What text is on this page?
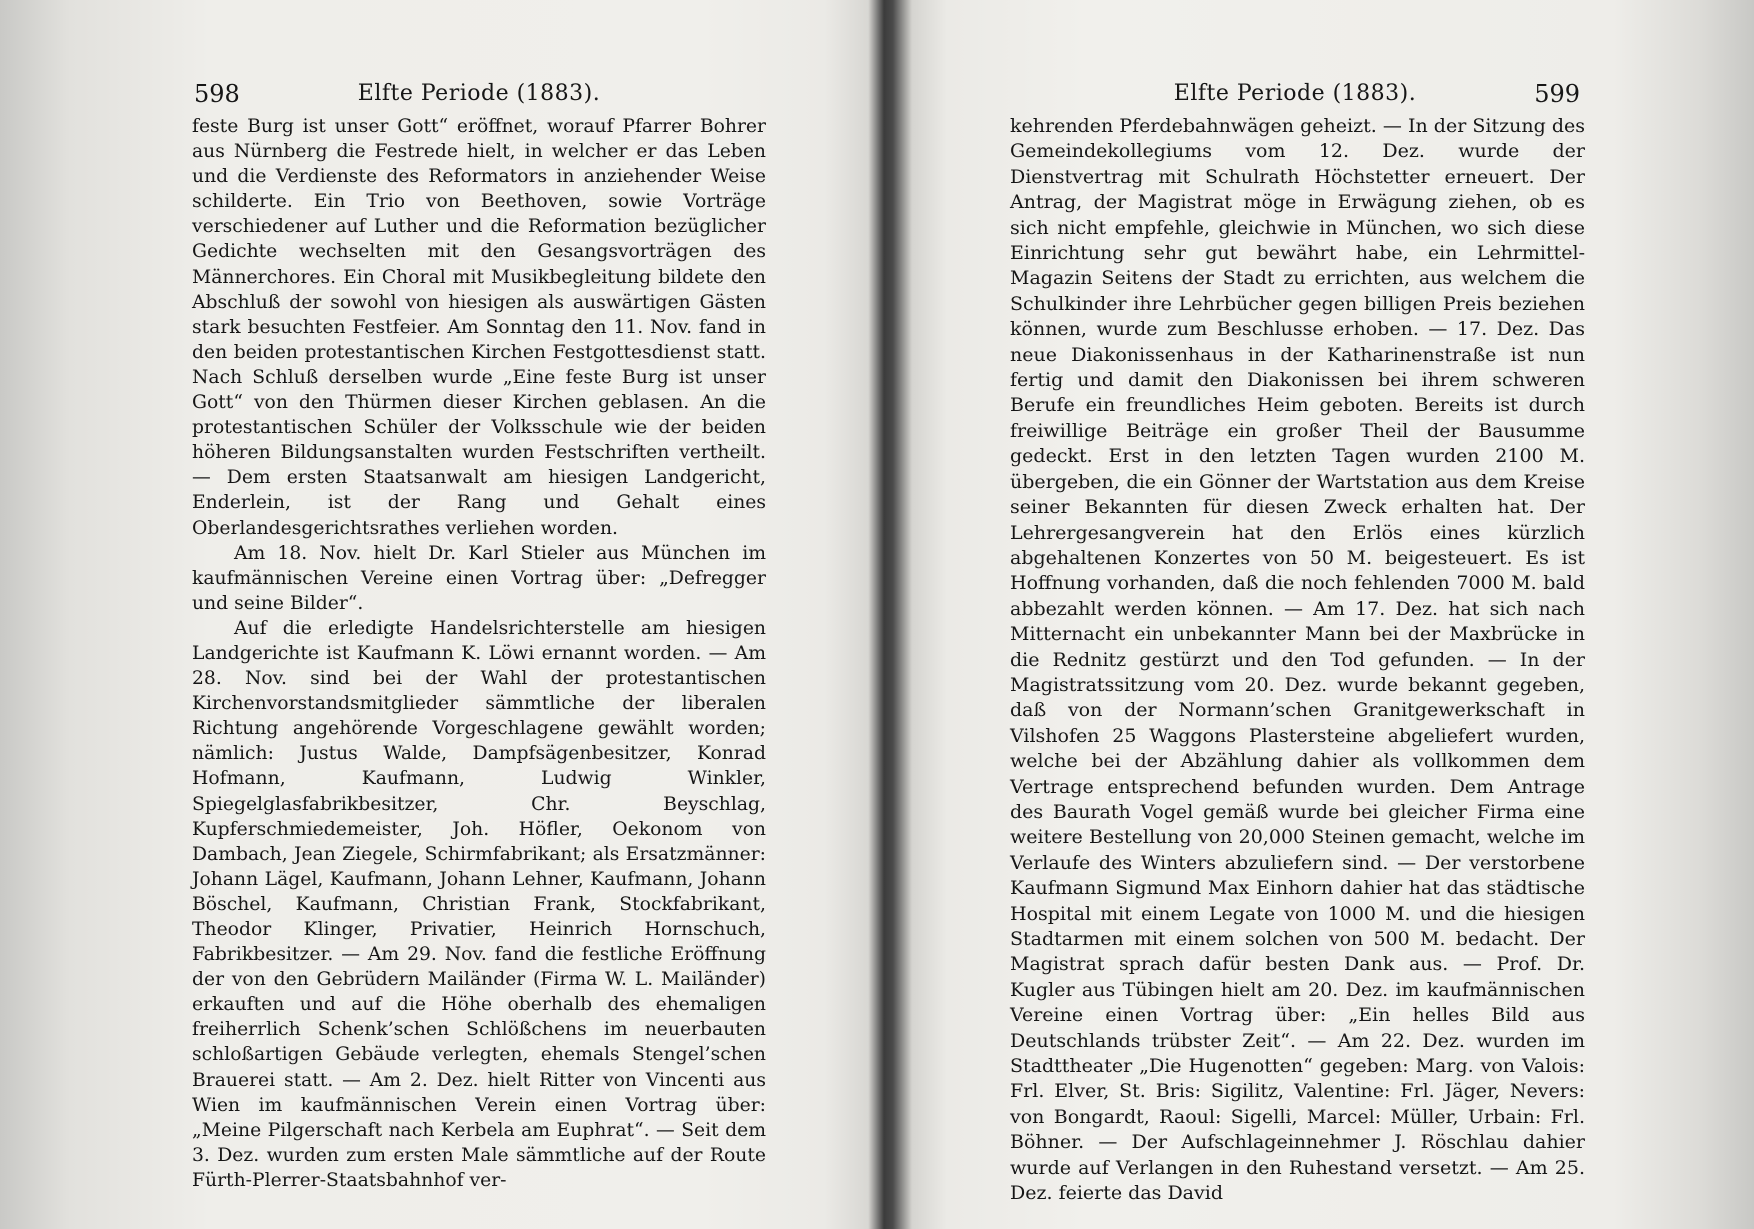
598	Elfte Periode (1883).

feste Burg ist unser Gott“ eröffnet, worauf Pfarrer Bohrer aus Nürnberg die Festrede hielt, in welcher er das Leben und die Verdienste des Reformators in anziehender Weise schilderte. Ein Trio von Beethoven, sowie Vorträge verschiedener auf Luther und die Reformation bezüglicher Gedichte wechselten mit den Gesangsvorträgen des Männerchores. Ein Choral mit Musikbegleitung bildete den Abschluß der sowohl von hiesigen als auswärtigen Gästen stark besuchten Festfeier. Am Sonntag den 11. Nov. fand in den beiden protestantischen Kirchen Festgottesdienst statt. Nach Schluß derselben wurde „Eine feste Burg ist unser Gott“ von den Thürmen dieser Kirchen geblasen. An die protestantischen Schüler der Volksschule wie der beiden höheren Bildungsanstalten wurden Festschriften vertheilt. — Dem ersten Staatsanwalt am hiesigen Landgericht, Enderlein, ist der Rang und Gehalt eines Oberlandesgerichtsrathes verliehen worden.

Am 18. Nov. hielt Dr. Karl Stieler aus München im kaufmännischen Vereine einen Vortrag über: „Defregger und seine Bilder“.

Auf die erledigte Handelsrichterstelle am hiesigen Landgerichte ist Kaufmann K. Löwi ernannt worden. — Am 28. Nov. sind bei der Wahl der protestantischen Kirchenvorstandsmitglieder sämmtliche der liberalen Richtung angehörende Vorgeschlagene gewählt worden; nämlich: Justus Walde, Dampfsägenbesitzer, Konrad Hofmann, Kaufmann, Ludwig Winkler, Spiegelglasfabrikbesitzer, Chr. Beyschlag, Kupferschmiedemeister, Joh. Höfler, Oekonom von Dambach, Jean Ziegele, Schirmfabrikant; als Ersatzmänner: Johann Lägel, Kaufmann, Johann Lehner, Kaufmann, Johann Böschel, Kaufmann, Christian Frank, Stockfabrikant, Theodor Klinger, Privatier, Heinrich Hornschuch, Fabrikbesitzer. — Am 29. Nov. fand die festliche Eröffnung der von den Gebrüdern Mailänder (Firma W. L. Mailänder) erkauften und auf die Höhe oberhalb des ehemaligen freiherrlich Schenk’schen Schlößchens im neuerbauten schloßartigen Gebäude verlegten, ehemals Stengel’schen Brauerei statt. — Am 2. Dez. hielt Ritter von Vincenti aus Wien im kaufmännischen Verein einen Vortrag über: „Meine Pilgerschaft nach Kerbela am Euphrat“. — Seit dem 3. Dez. wurden zum ersten Male sämmtliche auf der Route Fürth-Plerrer-Staatsbahnhof ver-

Elfte Periode (1883).	599

kehrenden Pferdebahnwägen geheizt. — In der Sitzung des Gemeindekollegiums vom 12. Dez. wurde der Dienstvertrag mit Schulrath Höchstetter erneuert. Der Antrag, der Magistrat möge in Erwägung ziehen, ob es sich nicht empfehle, gleichwie in München, wo sich diese Einrichtung sehr gut bewährt habe, ein Lehrmittel-Magazin Seitens der Stadt zu errichten, aus welchem die Schulkinder ihre Lehrbücher gegen billigen Preis beziehen können, wurde zum Beschlusse erhoben. — 17. Dez. Das neue Diakonissenhaus in der Katharinenstraße ist nun fertig und damit den Diakonissen bei ihrem schweren Berufe ein freundliches Heim geboten. Bereits ist durch freiwillige Beiträge ein großer Theil der Bausumme gedeckt. Erst in den letzten Tagen wurden 2100 M. übergeben, die ein Gönner der Wartstation aus dem Kreise seiner Bekannten für diesen Zweck erhalten hat. Der Lehrergesangverein hat den Erlös eines kürzlich abgehaltenen Konzertes von 50 M. beigesteuert. Es ist Hoffnung vorhanden, daß die noch fehlenden 7000 M. bald abbezahlt werden können. — Am 17. Dez. hat sich nach Mitternacht ein unbekannter Mann bei der Maxbrücke in die Rednitz gestürzt und den Tod gefunden. — In der Magistratssitzung vom 20. Dez. wurde bekannt gegeben, daß von der Normann’schen Granitgewerkschaft in Vilshofen 25 Waggons Plastersteine abgeliefert wurden, welche bei der Abzählung dahier als vollkommen dem Vertrage entsprechend befunden wurden. Dem Antrage des Baurath Vogel gemäß wurde bei gleicher Firma eine weitere Bestellung von 20,000 Steinen gemacht, welche im Verlaufe des Winters abzuliefern sind. — Der verstorbene Kaufmann Sigmund Max Einhorn dahier hat das städtische Hospital mit einem Legate von 1000 M. und die hiesigen Stadtarmen mit einem solchen von 500 M. bedacht. Der Magistrat sprach dafür besten Dank aus. — Prof. Dr. Kugler aus Tübingen hielt am 20. Dez. im kaufmännischen Vereine einen Vortrag über: „Ein helles Bild aus Deutschlands trübster Zeit“. — Am 22. Dez. wurden im Stadttheater „Die Hugenotten“ gegeben: Marg. von Valois: Frl. Elver, St. Bris: Sigilitz, Valentine: Frl. Jäger, Nevers: von Bongardt, Raoul: Sigelli, Marcel: Müller, Urbain: Frl. Böhner. — Der Aufschlageinnehmer J. Röschlau dahier wurde auf Verlangen in den Ruhestand versetzt. — Am 25. Dez. feierte das David
